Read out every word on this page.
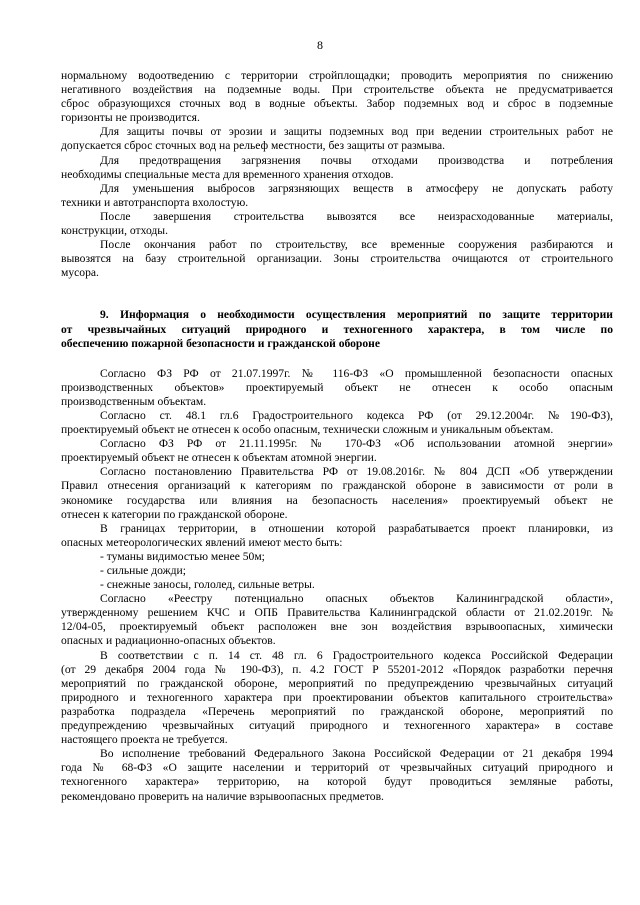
8

нормальному водоотведению с территории стройплощадки; проводить мероприятия по снижению
негативного воздействия на подземные воды. При строительстве объекта не предусматривается
сброс образующихся сточных вод в водные объекты. Забор подземных вод и сброс в подземные
горизонты не производится.

Для защиты почвы от эрозии и защиты подземных вод при ведении строительных работ не
допускается сброс сточных вод на рельеф местности, без защиты от размыва.

Для предотвращения загрязнения почвы отходами производства и потребления
необходимы специальные места для временного хранения отходов.

Для уменьшения выбросов загрязняющих веществ в атмосферу не допускать работу
техники и автотранспорта вхолостую.

После завершения строительства вывозятся все неизрасходованные материалы,
конструкции, отходы.

После окончания работ по строительству, все временные сооружения разбираются и
вывозятся на базу строительной организации. Зоны строительства очищаются от строительного
мусора.

9. Информация о необходимости осуществления мероприятий по защите территории
от чрезвычайных ситуаций природного и техногенного характера, в том числе по
обеспечению пожарной безопасности и гражданской обороне

Согласно ФЗ РФ от 21.07.1997г. № 116-ФЗ «О промышленной безопасности опасных
производственных объектов» проектируемый объект не отнесен к особо опасным
производственным объектам.

Согласно ст. 48.1 гл.6 Градостроительного кодекса РФ (от 29.12.2004г. №190-ФЗ),
проектируемый объект не отнесен к особо опасным, технически сложным и уникальным объектам.

Согласно ФЗ РФ от 21.11.1995г. № 170-ФЗ «Об использовании атомной энергии»
проектируемый объект не отнесен к объектам атомной энергии.

Согласно постановлению Правительства РФ от 19.08.2016г. № 804 ДСП «Об утверждении
Правил отнесения организаций к категориям по гражданской обороне в зависимости от роли в
экономике государства или влияния на безопасность населения» проектируемый объект не
отнесен к категории по гражданской обороне.

В границах территории, в отношении которой разрабатывается проект планировки, из
опасных метеорологических явлений имеют место быть:

- туманы видимостью менее 50м;
- сильные дожди;
- снежные заносы, гололед, сильные ветры.

Согласно «Реестру потенциально опасных объектов Калининградской области»,
утвержденному решением КЧС и ОПБ Правительства Калининградской области от 21.02.2019г. №
12/04-05, проектируемый объект расположен вне зон воздействия взрывоопасных, химически
опасных и радиационно-опасных объектов.

В соответствии с п. 14 ст. 48 гл. 6 Градостроительного кодекса Российской Федерации
(от 29 декабря 2004 года № 190-ФЗ), п. 4.2 ГОСТ Р 55201-2012 «Порядок разработки перечня
мероприятий по гражданской обороне, мероприятий по предупреждению чрезвычайных ситуаций
природного и техногенного характера при проектировании объектов капитального строительства»
разработка подраздела «Перечень мероприятий по гражданской обороне, мероприятий по
предупреждению чрезвычайных ситуаций природного и техногенного характера» в составе
настоящего проекта не требуется.

Во исполнение требований Федерального Закона Российской Федерации от 21 декабря 1994
года № 68-ФЗ «О защите населении и территорий от чрезвычайных ситуаций природного и
техногенного характера» территорию, на которой будут проводиться земляные работы,
рекомендовано проверить на наличие взрывоопасных предметов.
